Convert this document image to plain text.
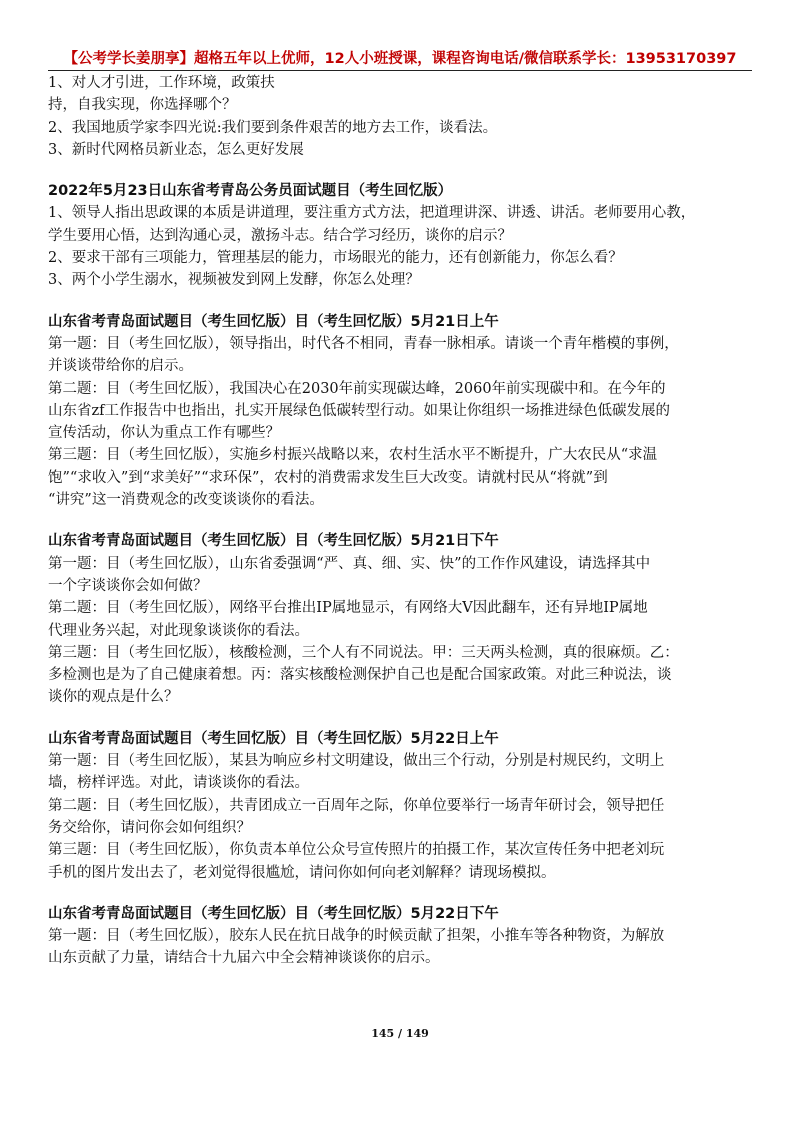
【公考学长姜朋享】超格五年以上优师，12人小班授课，课程咨询电话/微信联系学长：13953170397
1、对人才引进，工作环境，政策扶
持，自我实现，你选择哪个？
2、我国地质学家李四光说:我们要到条件艰苦的地方去工作，谈看法。
3、新时代网格员新业态，怎么更好发展
2022年5月23日山东省考青岛公务员面试题目（考生回忆版）
1、领导人指出思政课的本质是讲道理，要注重方式方法，把道理讲深、讲透、讲活。老师要用心教，
学生要用心悟，达到沟通心灵，激扬斗志。结合学习经历，谈你的启示？
2、要求干部有三项能力，管理基层的能力，市场眼光的能力，还有创新能力，你怎么看？
3、两个小学生溺水，视频被发到网上发酵，你怎么处理？
山东省考青岛面试题目（考生回忆版）目（考生回忆版）5月21日上午
第一题：目（考生回忆版），领导指出，时代各不相同，青春一脉相承。请谈一个青年楷模的事例，
并谈谈带给你的启示。
第二题：目（考生回忆版），我国决心在2030年前实现碳达峰，2060年前实现碳中和。在今年的
山东省zf工作报告中也指出，扎实开展绿色低碳转型行动。如果让你组织一场推进绿色低碳发展的
宣传活动，你认为重点工作有哪些？
第三题：目（考生回忆版），实施乡村振兴战略以来，农村生活水平不断提升，广大农民从“求温
饱”“求收入”到“求美好”“求环保”，农村的消费需求发生巨大改变。请就村民从“将就”到
“讲究”这一消费观念的改变谈谈你的看法。
山东省考青岛面试题目（考生回忆版）目（考生回忆版）5月21日下午
第一题：目（考生回忆版），山东省委强调“严、真、细、实、快”的工作作风建设，请选择其中
一个字谈谈你会如何做？
第二题：目（考生回忆版），网络平台推出IP属地显示，有网络大V因此翻车，还有异地IP属地
代理业务兴起，对此现象谈谈你的看法。
第三题：目（考生回忆版），核酸检测，三个人有不同说法。甲：三天两头检测，真的很麻烦。乙：
多检测也是为了自己健康着想。丙：落实核酸检测保护自己也是配合国家政策。对此三种说法，谈
谈你的观点是什么？
山东省考青岛面试题目（考生回忆版）目（考生回忆版）5月22日上午
第一题：目（考生回忆版），某县为响应乡村文明建设，做出三个行动，分别是村规民约，文明上
墙，榜样评选。对此，请谈谈你的看法。
第二题：目（考生回忆版），共青团成立一百周年之际，你单位要举行一场青年研讨会，领导把任
务交给你，请问你会如何组织？
第三题：目（考生回忆版），你负责本单位公众号宣传照片的拍摄工作，某次宣传任务中把老刘玩
手机的图片发出去了，老刘觉得很尴尬，请问你如何向老刘解释？请现场模拟。
山东省考青岛面试题目（考生回忆版）目（考生回忆版）5月22日下午
第一题：目（考生回忆版），胶东人民在抗日战争的时候贡献了担架，小推车等各种物资，为解放
山东贡献了力量，请结合十九届六中全会精神谈谈你的启示。
145 / 149
